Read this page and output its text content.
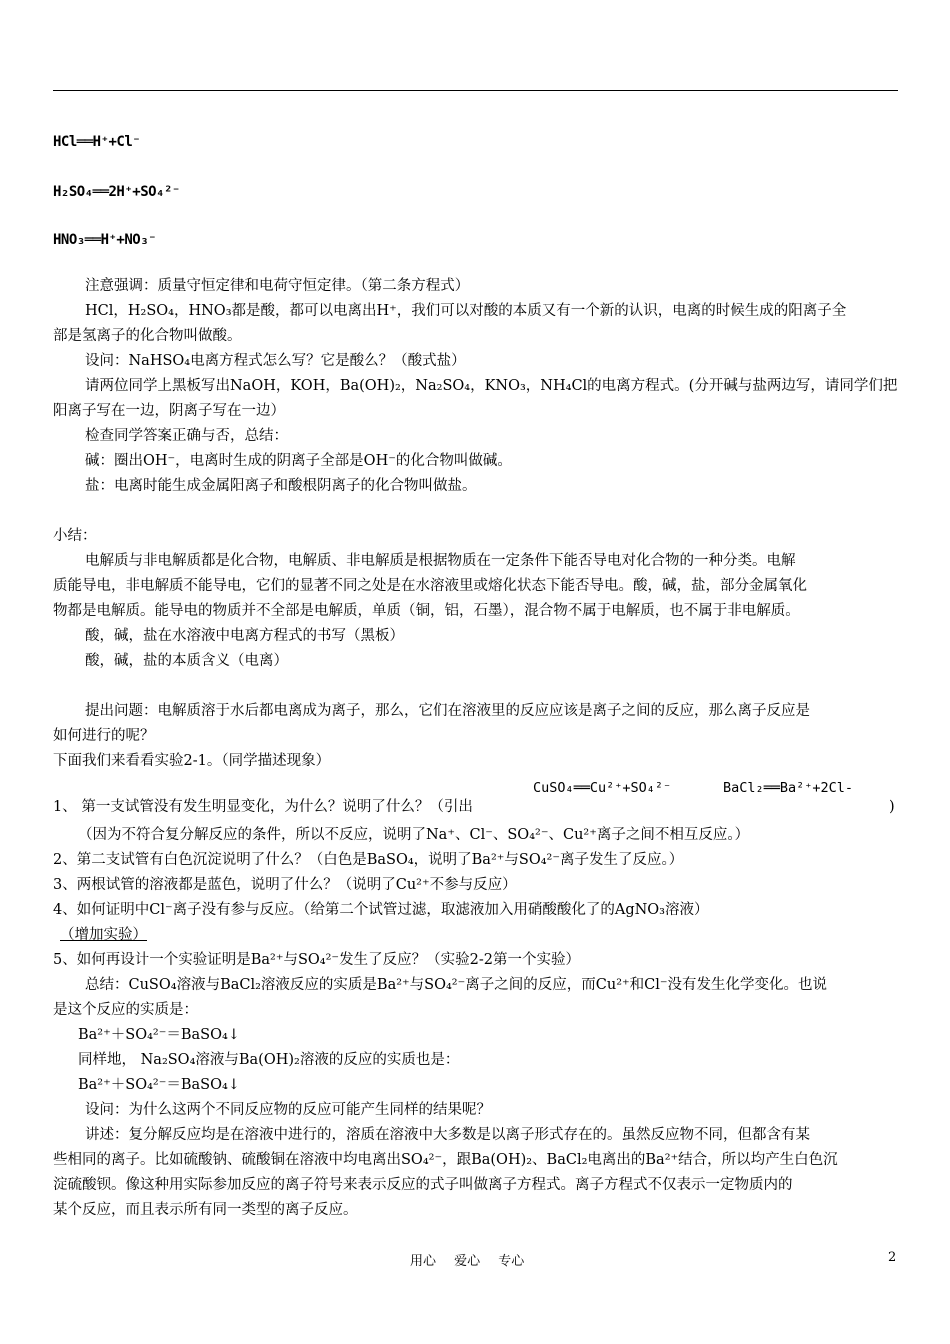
HCl══H⁺+Cl⁻
H₂SO₄══2H⁺+SO₄²⁻
HNO₃══H⁺+NO₃⁻
注意强调：质量守恒定律和电荷守恒定律。（第二条方程式）
HCl，H₂SO₄，HNO₃都是酸，都可以电离出H⁺，我们可以对酸的本质又有一个新的认识，电离的时候生成的阳离子全
部是氢离子的化合物叫做酸。
设问：NaHSO₄电离方程式怎么写？它是酸么？（酸式盐）
请两位同学上黑板写出NaOH，KOH，Ba(OH)₂，Na₂SO₄，KNO₃，NH₄Cl的电离方程式。(分开碱与盐两边写，请同学们把
阳离子写在一边，阴离子写在一边）
检查同学答案正确与否，总结：
碱：圈出OH⁻，电离时生成的阴离子全部是OH⁻的化合物叫做碱。
盐：电离时能生成金属阳离子和酸根阴离子的化合物叫做盐。
小结：
电解质与非电解质都是化合物，电解质、非电解质是根据物质在一定条件下能否导电对化合物的一种分类。电解
质能导电，非电解质不能导电，它们的显著不同之处是在水溶液里或熔化状态下能否导电。酸，碱，盐，部分金属氧化
物都是电解质。能导电的物质并不全部是电解质，单质（铜，铝，石墨），混合物不属于电解质，也不属于非电解质。
酸，碱，盐在水溶液中电离方程式的书写（黑板）
酸，碱，盐的本质含义（电离）
提出问题：电解质溶于水后都电离成为离子，那么，它们在溶液里的反应应该是离子之间的反应，那么离子反应是
如何进行的呢？
下面我们来看看实验2-1。（同学描述现象）
CuSO₄══Cu²⁺+SO₄²⁻	BaCl₂══Ba²⁺+2Cl-
1、 第一支试管没有发生明显变化，为什么？说明了什么？（引出	)
（因为不符合复分解反应的条件，所以不反应，说明了Na⁺、Cl⁻、SO₄²⁻、Cu²⁺离子之间不相互反应。）
2、第二支试管有白色沉淀说明了什么？（白色是BaSO₄，说明了Ba²⁺与SO₄²⁻离子发生了反应。）
3、两根试管的溶液都是蓝色，说明了什么？（说明了Cu²⁺不参与反应）
4、如何证明中Cl⁻离子没有参与反应。（给第二个试管过滤，取滤液加入用硝酸酸化了的AgNO₃溶液）
（增加实验）
5、如何再设计一个实验证明是Ba²⁺与SO₄²⁻发生了反应？（实验2-2第一个实验）
总结：CuSO₄溶液与BaCl₂溶液反应的实质是Ba²⁺与SO₄²⁻离子之间的反应，而Cu²⁺和Cl⁻没有发生化学变化。也说
是这个反应的实质是：
Ba²⁺＋SO₄²⁻＝BaSO₄↓
同样地， Na₂SO₄溶液与Ba(OH)₂溶液的反应的实质也是：
Ba²⁺＋SO₄²⁻＝BaSO₄↓
设问：为什么这两个不同反应物的反应可能产生同样的结果呢？
讲述：复分解反应均是在溶液中进行的，溶质在溶液中大多数是以离子形式存在的。虽然反应物不同，但都含有某
些相同的离子。比如硫酸钠、硫酸铜在溶液中均电离出SO₄²⁻，跟Ba(OH)₂、BaCl₂电离出的Ba²⁺结合，所以均产生白色沉
淀硫酸钡。像这种用实际参加反应的离子符号来表示反应的式子叫做离子方程式。离子方程式不仅表示一定物质内的
某个反应，而且表示所有同一类型的离子反应。
用心 爱心 专心	2
